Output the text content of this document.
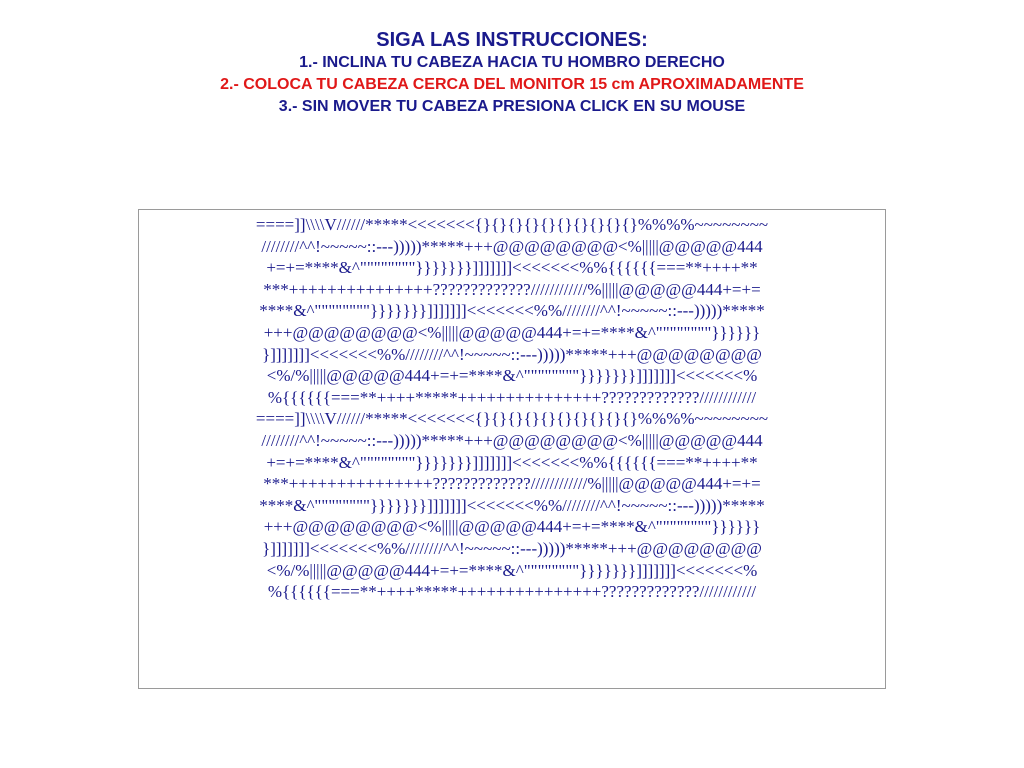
SIGA LAS INSTRUCCIONES:
1.- INCLINA TU CABEZA HACIA TU HOMBRO DERECHO
2.- COLOCA TU CABEZA CERCA DEL MONITOR 15 cm APROXIMADAMENTE
3.- SIN MOVER TU CABEZA PRESIONA CLICK EN SU MOUSE
====]]\\\\V//////*****<<<<<<<{}{}{}{}{}{}{}{}{}{}%%%%~~~~~~~~
////////^^!~~~~~::---)))))*****+++@@@@@@@@<%|||||@@@@@444
+=+=****&^""""""""}}}}}}}]]]]]]]<<<<<<<%%{{{{{{===**++++**
***+++++++++++++++?????????????////////////%|||||@@@@@444+=+=
****&^""""""""}}}}}}}]]]]]]]<<<<<<<%%////////^^!~~~~~::---)))))*****
+++@@@@@@@@<%|||||@@@@@444+=+=****&^""""""""}}}}}}
}]]]]]]]<<<<<<<%%////////^^!~~~~~::---)))))*****+++@@@@@@@@
<%/%|||||@@@@@444+=+=****&^""""""""}}}}}}}]]]]]]]<<<<<<<%
%{{{{{{===**++++*****+++++++++++++++?????????????////////////
====]]\\\\V//////*****<<<<<<<{}{}{}{}{}{}{}{}{}{}%%%%~~~~~~~~
////////^^!~~~~~::---)))))*****+++@@@@@@@@<%|||||@@@@@444
+=+=****&^""""""""}}}}}}}]]]]]]]<<<<<<<%%{{{{{{===**++++**
***+++++++++++++++?????????????////////////%|||||@@@@@444+=+=
****&^""""""""}}}}}}}]]]]]]]<<<<<<<%%////////^^!~~~~~::---)))))*****
+++@@@@@@@@<%|||||@@@@@444+=+=****&^""""""""}}}}}}
}]]]]]]]<<<<<<<%%////////^^!~~~~~::---)))))*****+++@@@@@@@@
<%/%|||||@@@@@444+=+=****&^""""""""}}}}}}}]]]]]]]<<<<<<<%
%{{{{{{===**++++*****+++++++++++++++?????????????////////////
